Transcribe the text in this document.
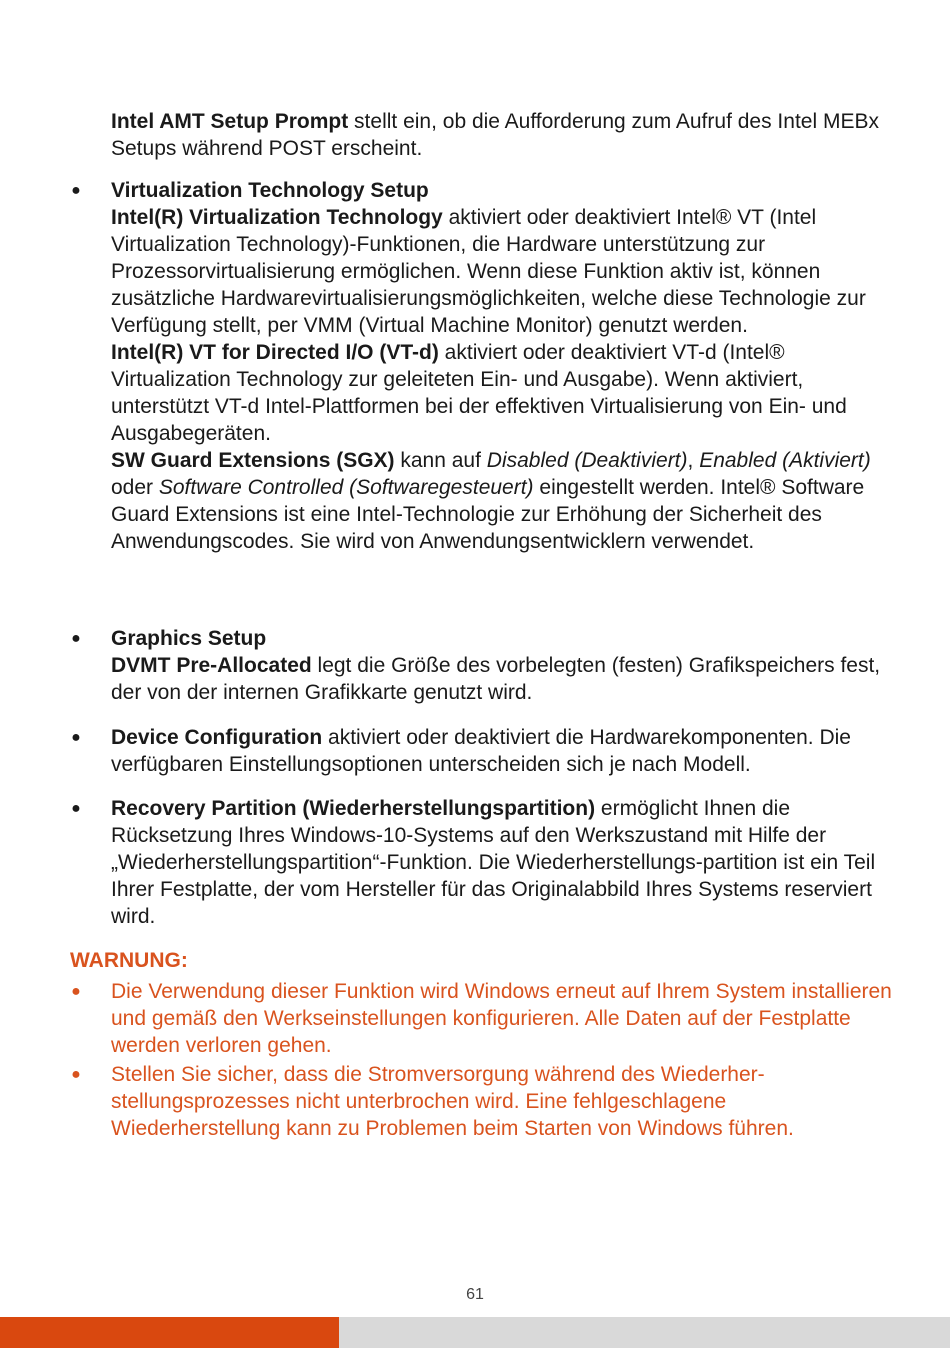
Intel AMT Setup Prompt stellt ein, ob die Aufforderung zum Aufruf des Intel MEBx Setups während POST erscheint.

● Virtualization Technology Setup

Intel(R) Virtualization Technology aktiviert oder deaktiviert Intel® VT (Intel Virtualization Technology)-Funktionen, die Hardware unterstützung zur Prozessorvirtualisierung ermöglichen. Wenn diese Funktion aktiv ist, können zusätzliche Hardwarevirtualisierungsmöglichkeiten, welche diese Technologie zur Verfügung stellt, per VMM (Virtual Machine Monitor) genutzt werden.

Intel(R) VT for Directed I/O (VT-d) aktiviert oder deaktiviert VT-d (Intel® Virtualization Technology zur geleiteten Ein- und Ausgabe). Wenn aktiviert, unterstützt VT-d Intel-Plattformen bei der effektiven Virtualisierung von Ein- und Ausgabegeräten.

SW Guard Extensions (SGX) kann auf Disabled (Deaktiviert), Enabled (Aktiviert) oder Software Controlled (Softwaregesteuert) eingestellt werden. Intel® Software Guard Extensions ist eine Intel-Technologie zur Erhöhung der Sicherheit des Anwendungscodes. Sie wird von Anwendungsentwicklern verwendet.

● Graphics Setup

DVMT Pre-Allocated legt die Größe des vorbelegten (festen) Grafikspeichers fest, der von der internen Grafikkarte genutzt wird.

● Device Configuration aktiviert oder deaktiviert die Hardwarekomponenten. Die verfügbaren Einstellungsoptionen unterscheiden sich je nach Modell.

● Recovery Partition (Wiederherstellungspartition) ermöglicht Ihnen die Rücksetzung Ihres Windows-10-Systems auf den Werkszustand mit Hilfe der „Wiederherstellungspartition“-Funktion. Die Wiederherstellungs-partition ist ein Teil Ihrer Festplatte, der vom Hersteller für das Originalabbild Ihres Systems reserviert wird.

WARNUNG:
● Die Verwendung dieser Funktion wird Windows erneut auf Ihrem System installieren und gemäß den Werkseinstellungen konfigurieren. Alle Daten auf der Festplatte werden verloren gehen.

● Stellen Sie sicher, dass die Stromversorgung während des Wiederher-stellungsprozesses nicht unterbrochen wird. Eine fehlgeschlagene Wiederherstellung kann zu Problemen beim Starten von Windows führen.

61
